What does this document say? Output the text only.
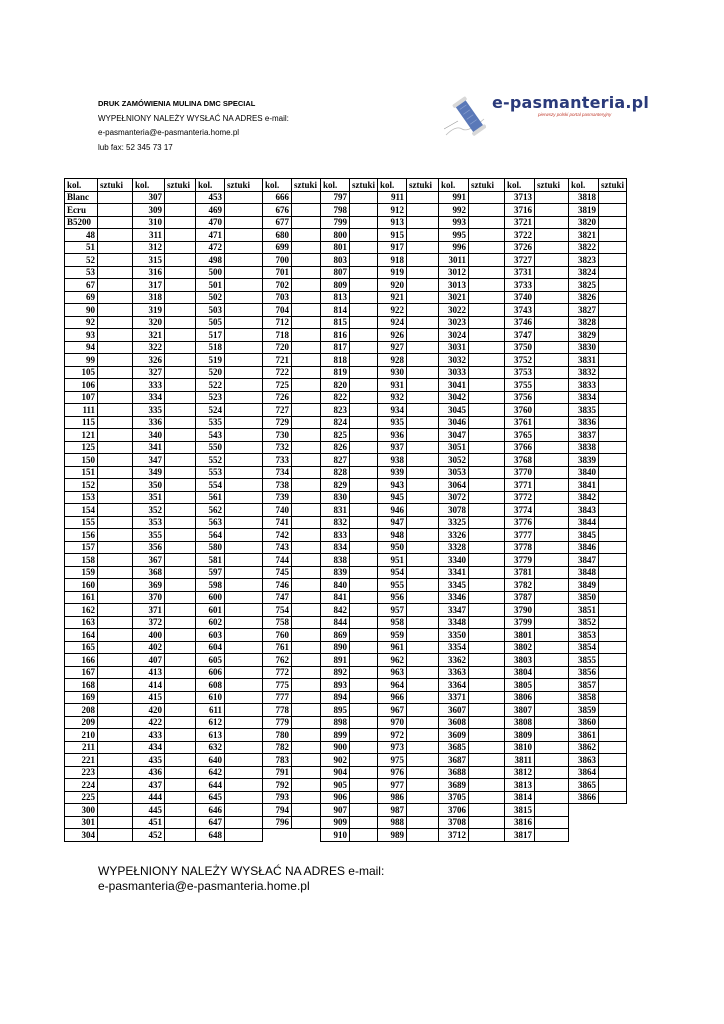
DRUK ZAMÓWIENIA MULINA DMC SPECIAL
WYPEŁNIONY NALEŻY WYSŁAĆ NA ADRES e-mail:
e-pasmanteria@e-pasmanteria.home.pl
lub fax: 52 345 73 17
e-pasmanteria.pl
pierwszy polski portal pasmanteryjny
kol.	sztuki	kol.	sztuki	kol.	sztuki	kol.	sztuki	kol.	sztuki	kol.	sztuki	kol.	sztuki	kol.	sztuki	kol.	sztuki
Blanc		307		453		666		797		911		991		3713		3818	
Ecru		309		469		676		798		912		992		3716		3819	
B5200		310		470		677		799		913		993		3721		3820	
48		311		471		680		800		915		995		3722		3821	
51		312		472		699		801		917		996		3726		3822	
52		315		498		700		803		918		3011		3727		3823	
53		316		500		701		807		919		3012		3731		3824	
67		317		501		702		809		920		3013		3733		3825	
69		318		502		703		813		921		3021		3740		3826	
90		319		503		704		814		922		3022		3743		3827	
92		320		505		712		815		924		3023		3746		3828	
93		321		517		718		816		926		3024		3747		3829	
94		322		518		720		817		927		3031		3750		3830	
99		326		519		721		818		928		3032		3752		3831	
105		327		520		722		819		930		3033		3753		3832	
106		333		522		725		820		931		3041		3755		3833	
107		334		523		726		822		932		3042		3756		3834	
111		335		524		727		823		934		3045		3760		3835	
115		336		535		729		824		935		3046		3761		3836	
121		340		543		730		825		936		3047		3765		3837	
125		341		550		732		826		937		3051		3766		3838	
150		347		552		733		827		938		3052		3768		3839	
151		349		553		734		828		939		3053		3770		3840	
152		350		554		738		829		943		3064		3771		3841	
153		351		561		739		830		945		3072		3772		3842	
154		352		562		740		831		946		3078		3774		3843	
155		353		563		741		832		947		3325		3776		3844	
156		355		564		742		833		948		3326		3777		3845	
157		356		580		743		834		950		3328		3778		3846	
158		367		581		744		838		951		3340		3779		3847	
159		368		597		745		839		954		3341		3781		3848	
160		369		598		746		840		955		3345		3782		3849	
161		370		600		747		841		956		3346		3787		3850	
162		371		601		754		842		957		3347		3790		3851	
163		372		602		758		844		958		3348		3799		3852	
164		400		603		760		869		959		3350		3801		3853	
165		402		604		761		890		961		3354		3802		3854	
166		407		605		762		891		962		3362		3803		3855	
167		413		606		772		892		963		3363		3804		3856	
168		414		608		775		893		964		3364		3805		3857	
169		415		610		777		894		966		3371		3806		3858	
208		420		611		778		895		967		3607		3807		3859	
209		422		612		779		898		970		3608		3808		3860	
210		433		613		780		899		972		3609		3809		3861	
211		434		632		782		900		973		3685		3810		3862	
221		435		640		783		902		975		3687		3811		3863	
223		436		642		791		904		976		3688		3812		3864	
224		437		644		792		905		977		3689		3813		3865	
225		444		645		793		906		986		3705		3814		3866	
300		445		646		794		907		987		3706		3815			
301		451		647		796		909		988		3708		3816			
304		452		648				910		989		3712		3817			
WYPEŁNIONY NALEŻY WYSŁAĆ NA ADRES e-mail:
e-pasmanteria@e-pasmanteria.home.pl
